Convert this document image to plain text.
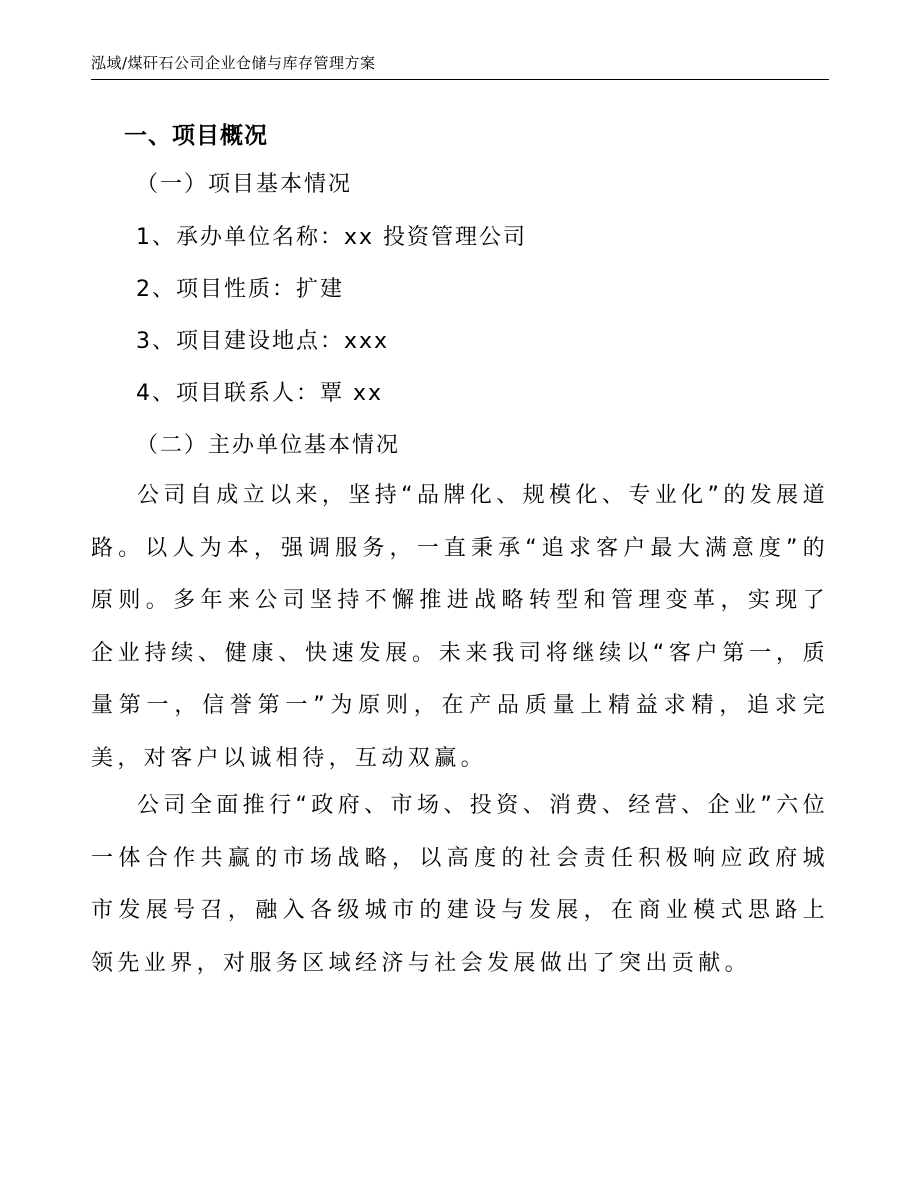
泓域/煤矸石公司企业仓储与库存管理方案
一、项目概况
（一）项目基本情况
1、承办单位名称：xx 投资管理公司
2、项目性质：扩建
3、项目建设地点：xxx
4、项目联系人：覃 xx
（二）主办单位基本情况

公司自成立以来，坚持“品牌化、规模化、专业化”的发展道路。以人为本，强调服务，一直秉承“追求客户最大满意度”的原则。多年来公司坚持不懈推进战略转型和管理变革，实现了企业持续、健康、快速发展。未来我司将继续以“客户第一，质量第一，信誉第一”为原则，在产品质量上精益求精，追求完美，对客户以诚相待，互动双赢。

公司全面推行“政府、市场、投资、消费、经营、企业”六位一体合作共赢的市场战略，以高度的社会责任积极响应政府城市发展号召，融入各级城市的建设与发展，在商业模式思路上领先业界，对服务区域经济与社会发展做出了突出贡献。
